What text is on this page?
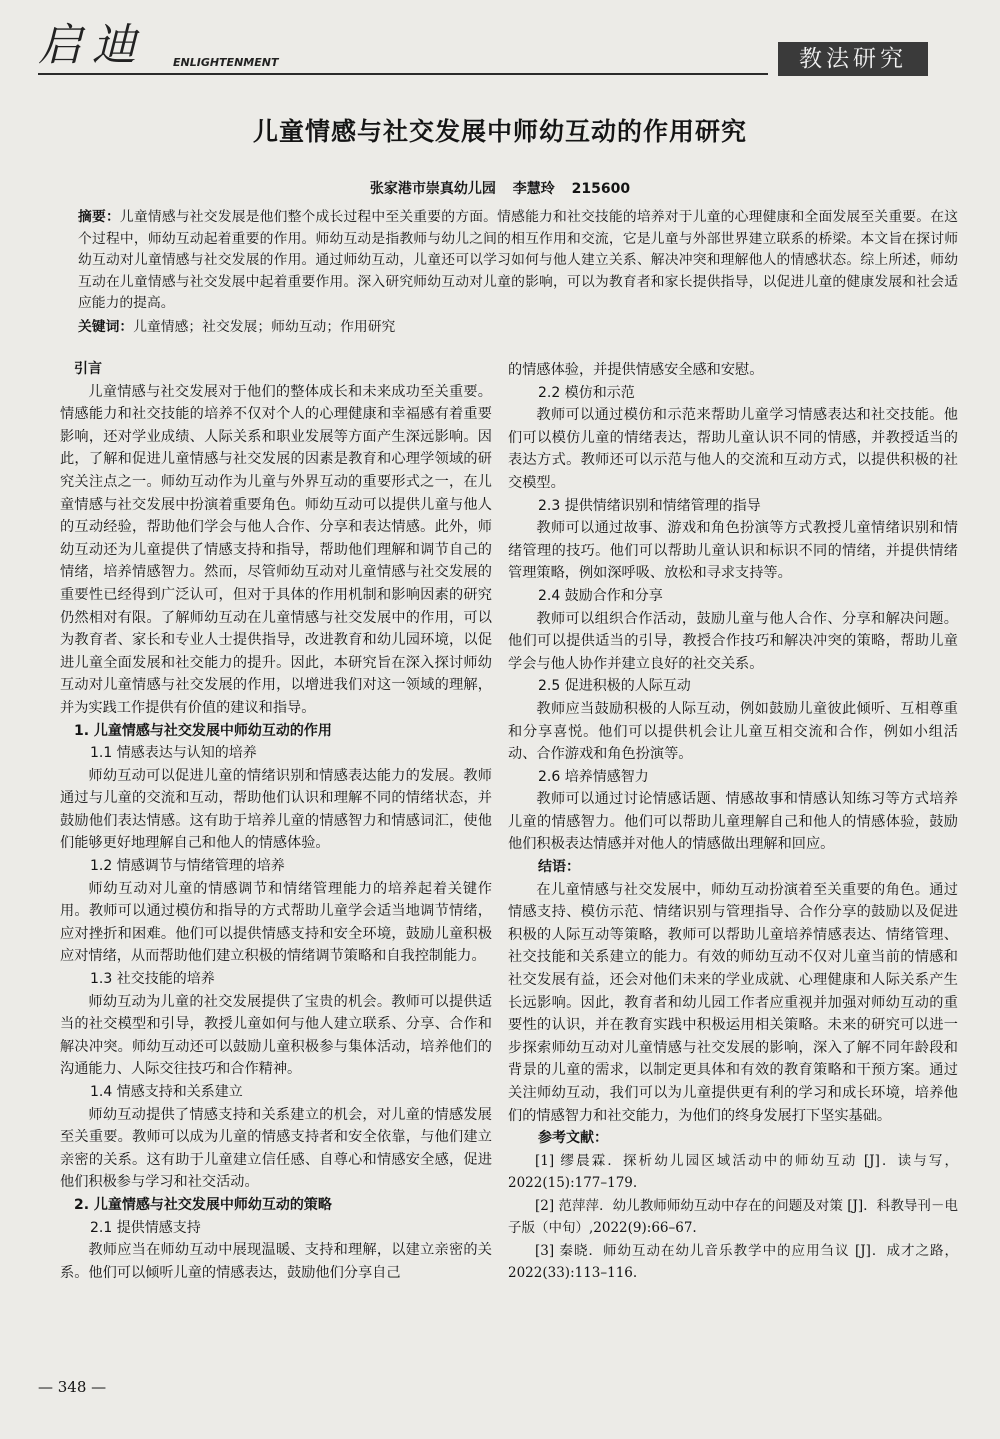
启迪 ENLIGHTENMENT	教法研究
儿童情感与社交发展中师幼互动的作用研究
张家港市崇真幼儿园 李慧玲 215600

摘要：儿童情感与社交发展是他们整个成长过程中至关重要的方面。情感能力和社交技能的培养对于儿童的心理健康和全面发展至关重要。在这个过程中，师幼互动起着重要的作用。师幼互动是指教师与幼儿之间的相互作用和交流，它是儿童与外部世界建立联系的桥梁。本文旨在探讨师幼互动对儿童情感与社交发展的作用。通过师幼互动，儿童还可以学习如何与他人建立关系、解决冲突和理解他人的情感状态。综上所述，师幼互动在儿童情感与社交发展中起着重要作用。深入研究师幼互动对儿童的影响，可以为教育者和家长提供指导，以促进儿童的健康发展和社会适应能力的提高。

关键词：儿童情感；社交发展；师幼互动；作用研究

引言

儿童情感与社交发展对于他们的整体成长和未来成功至关重要。情感能力和社交技能的培养不仅对个人的心理健康和幸福感有着重要影响，还对学业成绩、人际关系和职业发展等方面产生深远影响。因此，了解和促进儿童情感与社交发展的因素是教育和心理学领域的研究关注点之一。师幼互动作为儿童与外界互动的重要形式之一，在儿童情感与社交发展中扮演着重要角色。师幼互动可以提供儿童与他人的互动经验，帮助他们学会与他人合作、分享和表达情感。此外，师幼互动还为儿童提供了情感支持和指导，帮助他们理解和调节自己的情绪，培养情感智力。然而，尽管师幼互动对儿童情感与社交发展的重要性已经得到广泛认可，但对于具体的作用机制和影响因素的研究仍然相对有限。了解师幼互动在儿童情感与社交发展中的作用，可以为教育者、家长和专业人士提供指导，改进教育和幼儿园环境，以促进儿童全面发展和社交能力的提升。因此，本研究旨在深入探讨师幼互动对儿童情感与社交发展的作用，以增进我们对这一领域的理解，并为实践工作提供有价值的建议和指导。

1. 儿童情感与社交发展中师幼互动的作用

1.1 情感表达与认知的培养

师幼互动可以促进儿童的情绪识别和情感表达能力的发展。教师通过与儿童的交流和互动，帮助他们认识和理解不同的情绪状态，并鼓励他们表达情感。这有助于培养儿童的情感智力和情感词汇，使他们能够更好地理解自己和他人的情感体验。

1.2 情感调节与情绪管理的培养

师幼互动对儿童的情感调节和情绪管理能力的培养起着关键作用。教师可以通过模仿和指导的方式帮助儿童学会适当地调节情绪，应对挫折和困难。他们可以提供情感支持和安全环境，鼓励儿童积极应对情绪，从而帮助他们建立积极的情绪调节策略和自我控制能力。

1.3 社交技能的培养

师幼互动为儿童的社交发展提供了宝贵的机会。教师可以提供适当的社交模型和引导，教授儿童如何与他人建立联系、分享、合作和解决冲突。师幼互动还可以鼓励儿童积极参与集体活动，培养他们的沟通能力、人际交往技巧和合作精神。

1.4 情感支持和关系建立

师幼互动提供了情感支持和关系建立的机会，对儿童的情感发展至关重要。教师可以成为儿童的情感支持者和安全依靠，与他们建立亲密的关系。这有助于儿童建立信任感、自尊心和情感安全感，促进他们积极参与学习和社交活动。

2. 儿童情感与社交发展中师幼互动的策略

2.1 提供情感支持

教师应当在师幼互动中展现温暖、支持和理解，以建立亲密的关系。他们可以倾听儿童的情感表达，鼓励他们分享自己

的情感体验，并提供情感安全感和安慰。

2.2 模仿和示范

教师可以通过模仿和示范来帮助儿童学习情感表达和社交技能。他们可以模仿儿童的情绪表达，帮助儿童认识不同的情感，并教授适当的表达方式。教师还可以示范与他人的交流和互动方式，以提供积极的社交模型。

2.3 提供情绪识别和情绪管理的指导

教师可以通过故事、游戏和角色扮演等方式教授儿童情绪识别和情绪管理的技巧。他们可以帮助儿童认识和标识不同的情绪，并提供情绪管理策略，例如深呼吸、放松和寻求支持等。

2.4 鼓励合作和分享

教师可以组织合作活动，鼓励儿童与他人合作、分享和解决问题。他们可以提供适当的引导，教授合作技巧和解决冲突的策略，帮助儿童学会与他人协作并建立良好的社交关系。

2.5 促进积极的人际互动

教师应当鼓励积极的人际互动，例如鼓励儿童彼此倾听、互相尊重和分享喜悦。他们可以提供机会让儿童互相交流和合作，例如小组活动、合作游戏和角色扮演等。

2.6 培养情感智力

教师可以通过讨论情感话题、情感故事和情感认知练习等方式培养儿童的情感智力。他们可以帮助儿童理解自己和他人的情感体验，鼓励他们积极表达情感并对他人的情感做出理解和回应。

结语：

在儿童情感与社交发展中，师幼互动扮演着至关重要的角色。通过情感支持、模仿示范、情绪识别与管理指导、合作分享的鼓励以及促进积极的人际互动等策略，教师可以帮助儿童培养情感表达、情绪管理、社交技能和关系建立的能力。有效的师幼互动不仅对儿童当前的情感和社交发展有益，还会对他们未来的学业成就、心理健康和人际关系产生长远影响。因此，教育者和幼儿园工作者应重视并加强对师幼互动的重要性的认识，并在教育实践中积极运用相关策略。未来的研究可以进一步探索师幼互动对儿童情感与社交发展的影响，深入了解不同年龄段和背景的儿童的需求，以制定更具体和有效的教育策略和干预方案。通过关注师幼互动，我们可以为儿童提供更有利的学习和成长环境，培养他们的情感智力和社交能力，为他们的终身发展打下坚实基础。

参考文献：

[1] 缪晨霖．探析幼儿园区域活动中的师幼互动 [J]．读与写，2022(15):177–179.

[2] 范萍萍．幼儿教师师幼互动中存在的问题及对策 [J]．科教导刊－电子版（中旬）,2022(9):66–67.

[3] 秦晓．师幼互动在幼儿音乐教学中的应用刍议 [J]．成才之路，2022(33):113–116.

— 348 —
